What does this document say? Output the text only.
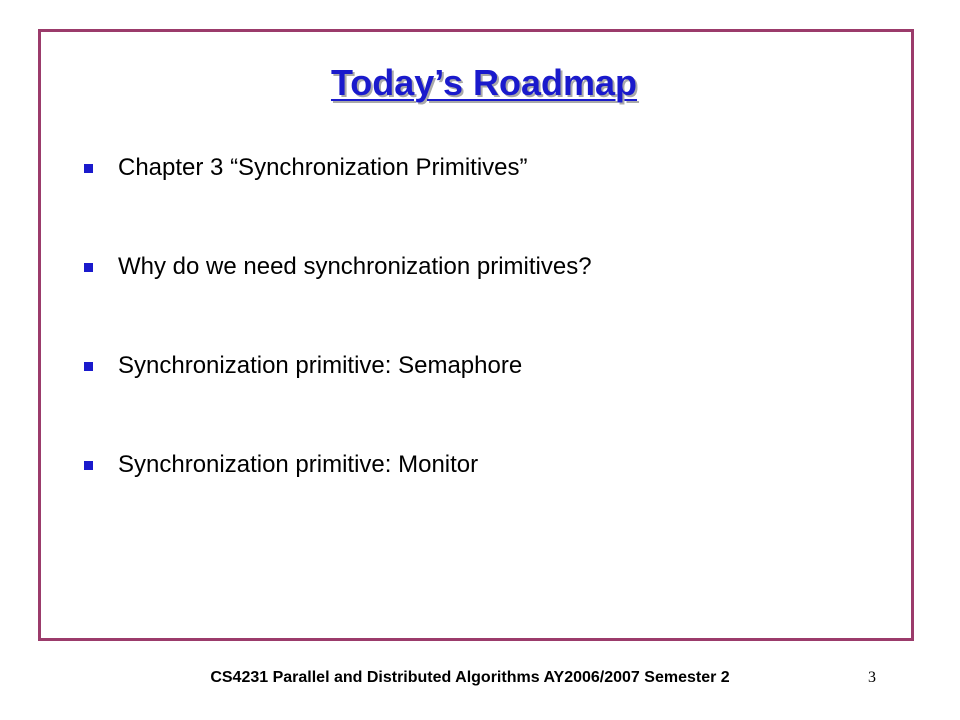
Today’s Roadmap
Chapter 3 “Synchronization Primitives”
Why do we need synchronization primitives?
Synchronization primitive: Semaphore
Synchronization primitive: Monitor
CS4231 Parallel and Distributed Algorithms AY2006/2007 Semester 2	3
